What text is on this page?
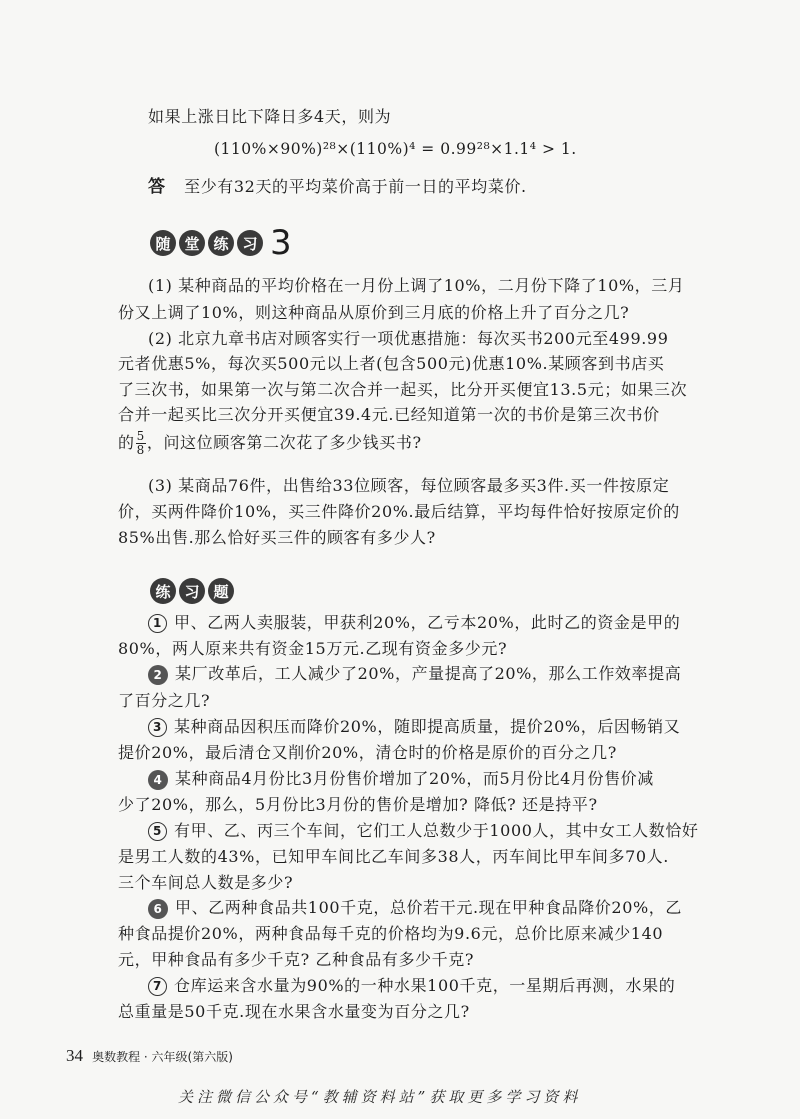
如果上涨日比下降日多4天，则为
(110%×90%)²⁸×(110%)⁴ = 0.99²⁸×1.1⁴ > 1.
答 至少有32天的平均菜价高于前一日的平均菜价.
随 堂 练 习 3
(1) 某种商品的平均价格在一月份上调了10%，二月份下降了10%，三月
份又上调了10%，则这种商品从原价到三月底的价格上升了百分之几?
(2) 北京九章书店对顾客实行一项优惠措施：每次买书200元至499.99
元者优惠5%，每次买500元以上者(包含500元)优惠10%.某顾客到书店买
了三次书，如果第一次与第二次合并一起买，比分开买便宜13.5元；如果三次
合并一起买比三次分开买便宜39.4元.已经知道第一次的书价是第三次书价
的 $\frac{5}{8}$ ，问这位顾客第二次花了多少钱买书?
(3) 某商品76件，出售给33位顾客，每位顾客最多买3件.买一件按原定
价，买两件降价10%，买三件降价20%.最后结算，平均每件恰好按原定价的
85%出售.那么恰好买三件的顾客有多少人?
练 习 题
1 甲、乙两人卖服装，甲获利20%，乙亏本20%，此时乙的资金是甲的
80%，两人原来共有资金15万元.乙现有资金多少元?
2 某厂改革后，工人减少了20%，产量提高了20%，那么工作效率提高
了百分之几?
3 某种商品因积压而降价20%，随即提高质量，提价20%，后因畅销又
提价20%，最后清仓又削价20%，清仓时的价格是原价的百分之几?
4 某种商品4月份比3月份售价增加了20%，而5月份比4月份售价减
少了20%，那么，5月份比3月份的售价是增加? 降低? 还是持平?
5 有甲、乙、丙三个车间，它们工人总数少于1000人，其中女工人数恰好
是男工人数的43%，已知甲车间比乙车间多38人，丙车间比甲车间多70人.
三个车间总人数是多少?
6 甲、乙两种食品共100千克，总价若干元.现在甲种食品降价20%，乙
种食品提价20%，两种食品每千克的价格均为9.6元，总价比原来减少140
元，甲种食品有多少千克? 乙种食品有多少千克?
7 仓库运来含水量为90%的一种水果100千克，一星期后再测，水果的
总重量是50千克.现在水果含水量变为百分之几?
34 奥数教程 · 六年级(第六版)
关注微信公众号“教辅资料站”获取更多学习资料
